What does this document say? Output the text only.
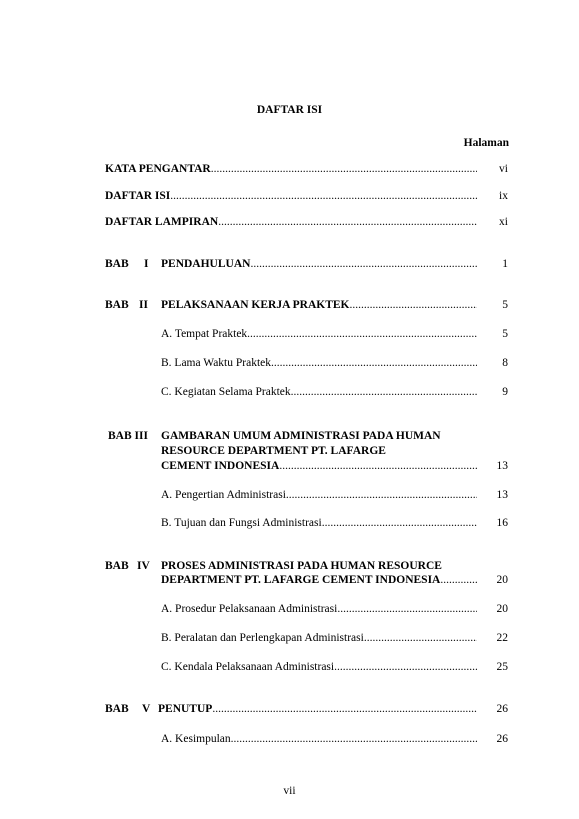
DAFTAR ISI
Halaman
KATA PENGANTAR .....	vi
DAFTAR ISI .....	ix
DAFTAR LAMPIRAN .....	xi
BAB I PENDAHULUAN .....	1
BAB II PELAKSANAAN KERJA PRAKTEK .....	5
A. Tempat Praktek .....	5
B. Lama Waktu Praktek .....	8
C. Kegiatan Selama Praktek .....	9
BAB III GAMBARAN UMUM ADMINISTRASI PADA HUMAN
RESOURCE DEPARTMENT PT. LAFARGE
CEMENT INDONESIA .....	13
A. Pengertian Administrasi .....	13
B. Tujuan dan Fungsi Administrasi .....	16
BAB IV PROSES ADMINISTRASI PADA HUMAN RESOURCE
DEPARTMENT PT. LAFARGE CEMENT INDONESIA .....	20
A. Prosedur Pelaksanaan Administrasi .....	20
B. Peralatan dan Perlengkapan Administrasi .....	22
C. Kendala Pelaksanaan Administrasi .....	25
BAB V PENUTUP .....	26
A. Kesimpulan .....	26
vii
